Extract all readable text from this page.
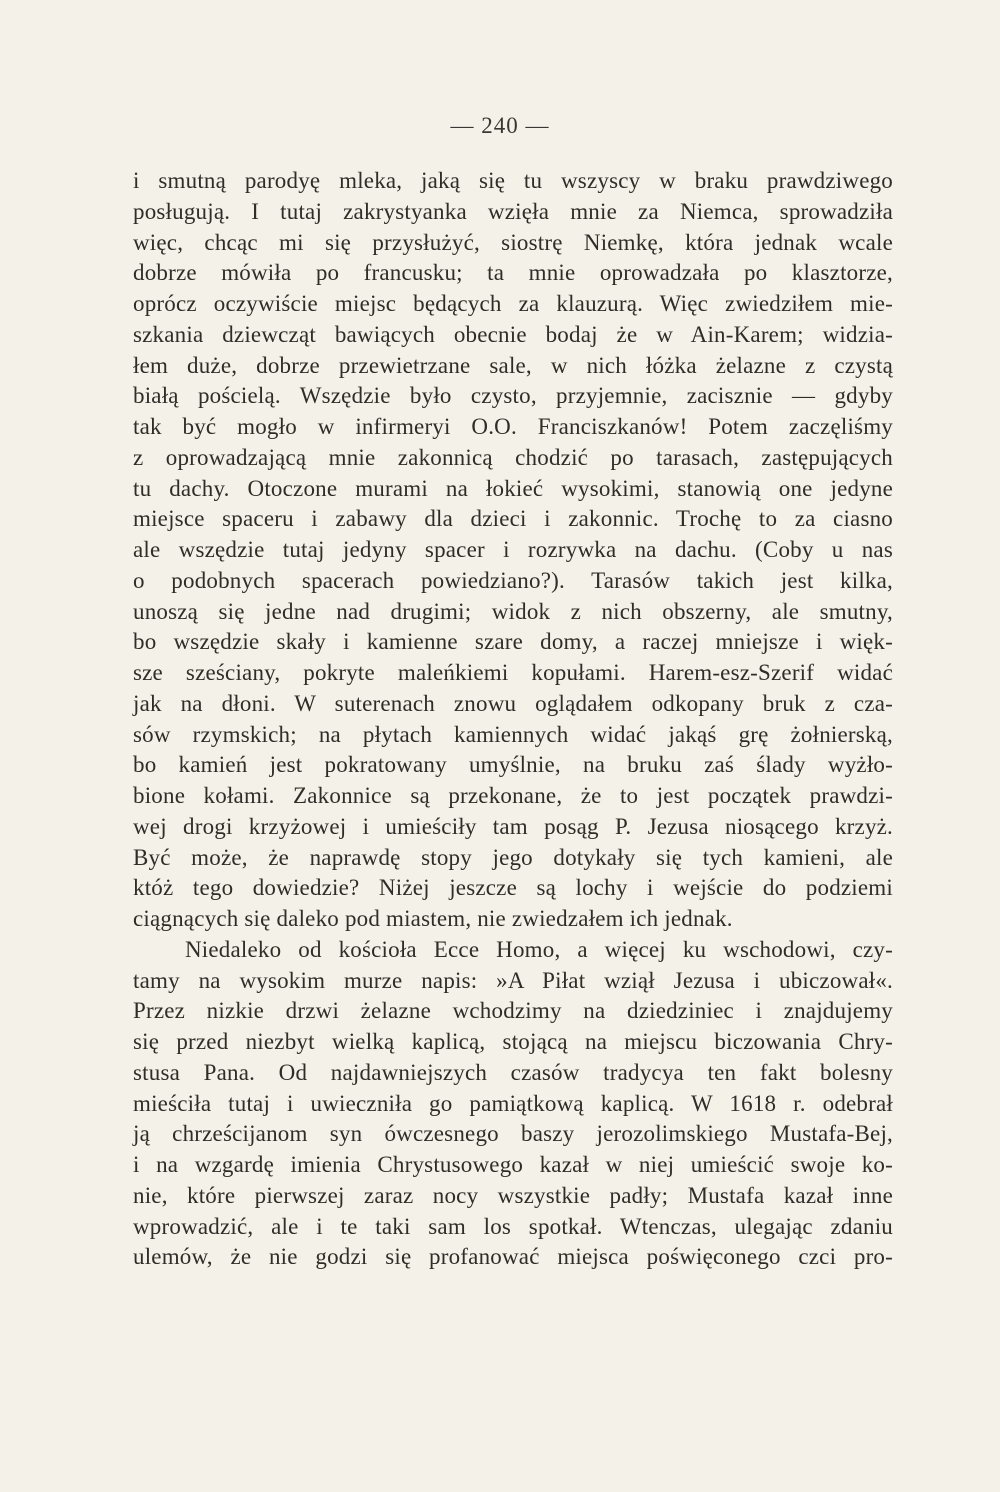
— 240 —
i smutną parodyę mleka, jaką się tu wszyscy w braku prawdziwego
posługują. I tutaj zakrystyanka wzięła mnie za Niemca, sprowadziła
więc, chcąc mi się przysłużyć, siostrę Niemkę, która jednak wcale
dobrze mówiła po francusku; ta mnie oprowadzała po klasztorze,
oprócz oczywiście miejsc będących za klauzurą. Więc zwiedziłem mie-
szkania dziewcząt bawiących obecnie bodaj że w Ain-Karem; widzia-
łem duże, dobrze przewietrzane sale, w nich łóżka żelazne z czystą
białą pościelą. Wszędzie było czysto, przyjemnie, zacisznie — gdyby
tak być mogło w infirmeryi O.O. Franciszkanów! Potem zaczęliśmy
z oprowadzającą mnie zakonnicą chodzić po tarasach, zastępujących
tu dachy. Otoczone murami na łokieć wysokimi, stanowią one jedyne
miejsce spaceru i zabawy dla dzieci i zakonnic. Trochę to za ciasno
ale wszędzie tutaj jedyny spacer i rozrywka na dachu. (Coby u nas
o podobnych spacerach powiedziano?). Tarasów takich jest kilka,
unoszą się jedne nad drugimi; widok z nich obszerny, ale smutny,
bo wszędzie skały i kamienne szare domy, a raczej mniejsze i więk-
sze sześciany, pokryte maleńkiemi kopułami. Harem-esz-Szerif widać
jak na dłoni. W suterenach znowu oglądałem odkopany bruk z cza-
sów rzymskich; na płytach kamiennych widać jakąś grę żołnierską,
bo kamień jest pokratowany umyślnie, na bruku zaś ślady wyżło-
bione kołami. Zakonnice są przekonane, że to jest początek prawdzi-
wej drogi krzyżowej i umieściły tam posąg P. Jezusa niosącego krzyż.
Być może, że naprawdę stopy jego dotykały się tych kamieni, ale
któż tego dowiedzie? Niżej jeszcze są lochy i wejście do podziemi
ciągnących się daleko pod miastem, nie zwiedzałem ich jednak.
Niedaleko od kościoła Ecce Homo, a więcej ku wschodowi, czy-
tamy na wysokim murze napis: »A Piłat wziął Jezusa i ubiczował«.
Przez nizkie drzwi żelazne wchodzimy na dziedziniec i znajdujemy
się przed niezbyt wielką kaplicą, stojącą na miejscu biczowania Chry-
stusa Pana. Od najdawniejszych czasów tradycya ten fakt bolesny
mieściła tutaj i uwieczniła go pamiątkową kaplicą. W 1618 r. odebrał
ją chrześcijanom syn ówczesnego baszy jerozolimskiego Mustafa-Bej,
i na wzgardę imienia Chrystusowego kazał w niej umieścić swoje ko-
nie, które pierwszej zaraz nocy wszystkie padły; Mustafa kazał inne
wprowadzić, ale i te taki sam los spotkał. Wtenczas, ulegając zdaniu
ulemów, że nie godzi się profanować miejsca poświęconego czci pro-
